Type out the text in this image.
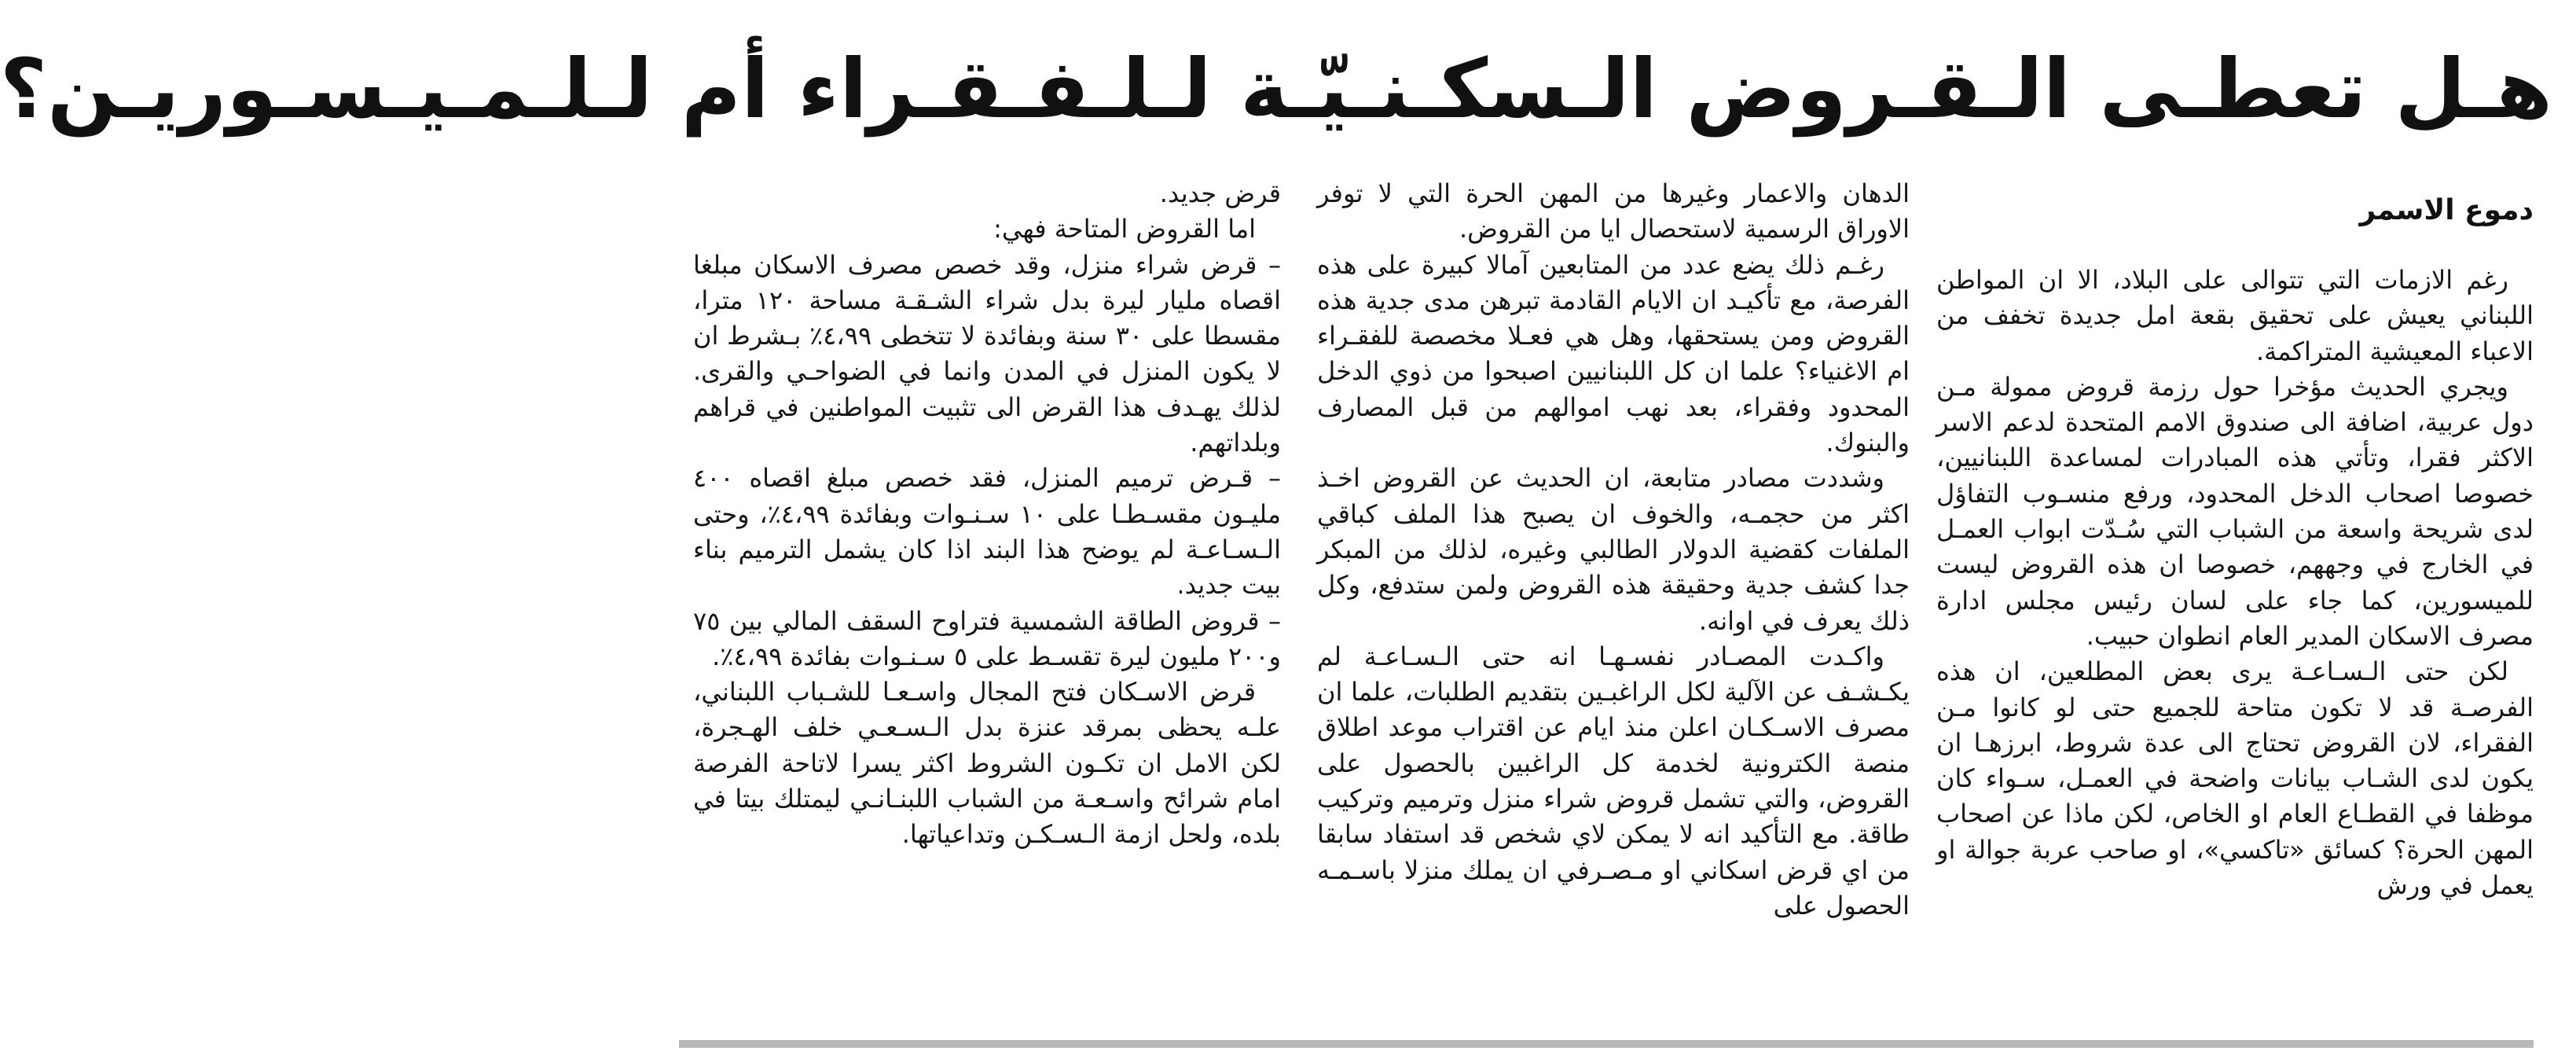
هـل تعطـى الـقـروض الـسكـنـيّـة لـلـفـقـراء أم لـلـمـيـسـوريـن؟
دموع الاسمر

رغم الازمات التي تتوالى على البلاد، الا ان المواطن اللبناني يعيش على تحقيق بقعة امل جديدة تخفف من الاعباء المعيشية المتراكمة.

ويجري الحديث مؤخرا حول رزمة قروض ممولة مـن دول عربية، اضافة الى صندوق الامم المتحدة لدعم الاسر الاكثر فقرا، وتأتي هذه المبادرات لمساعدة اللبنانيين، خصوصا اصحاب الدخل المحدود، ورفع منسـوب التفاؤل لدى شريحة واسعة من الشباب التي سُـدّت ابواب العمـل في الخارج في وجههم، خصوصا ان هذه القروض ليست للميسورين، كما جاء على لسان رئيس مجلس ادارة مصرف الاسكان المدير العام انطوان حبيب.

لكن حتى الـسـاعـة يرى بعض المطلعين، ان هذه الفرصـة قد لا تكون متاحة للجميع حتى لو كانوا مـن الفقراء، لان القروض تحتاج الى عدة شروط، ابرزهـا ان يكون لدى الشـاب بيانات واضحة في العمـل، سـواء كان موظفا في القطـاع العام او الخاص، لكن ماذا عن اصحاب المهن الحرة؟ كسائق «تاكسي»، او صاحب عربة جوالة او يعمل في ورش

الدهان والاعمار وغيرها من المهن الحرة التي لا توفر الاوراق الرسمية لاستحصال ايا من القروض.

رغـم ذلك يضع عدد من المتابعين آمالا كبيرة على هذه الفرصة، مع تأكيـد ان الايام القادمة تبرهن مدى جدية هذه القروض ومن يستحقها، وهل هي فعـلا مخصصة للفقـراء ام الاغنياء؟ علما ان كل اللبنانيين اصبحوا من ذوي الدخل المحدود وفقراء، بعد نهب اموالهم من قبل المصارف والبنوك.

وشددت مصادر متابعة، ان الحديث عن القروض اخـذ اكثر من حجمـه، والخوف ان يصبح هذا الملف كباقي الملفات كقضية الدولار الطالبي وغيره، لذلك من المبكر جدا كشف جدية وحقيقة هذه القروض ولمن ستدفع، وكل ذلك يعرف في اوانه.

واكـدت المصـادر نفسـهـا انه حتى الـسـاعـة لم يكـشـف عن الآلية لكل الراغبـين بتقديم الطلبات، علما ان مصرف الاسـكـان اعلن منذ ايام عن اقتراب موعد اطلاق منصة الكترونية لخدمة كل الراغبين بالحصول على القروض، والتي تشمل قروض شراء منزل وترميم وتركيب طاقة. مع التأكيد انه لا يمكن لاي شخص قد استفاد سابقا من اي قرض اسكاني او مـصـرفي ان يملك منزلا باسـمـه الحصول على

قرض جديد.

اما القروض المتاحة فهي:

– قرض شراء منزل، وقد خصص مصرف الاسكان مبلغا اقصاه مليار ليرة بدل شراء الشـقـة مساحة ١٢٠ مترا، مقسطا على ٣٠ سنة وبفائدة لا تتخطى ٤،٩٩٪ بـشرط ان لا يكون المنزل في المدن وانما في الضواحـي والقرى. لذلك يهـدف هذا القرض الى تثبيت المواطنين في قراهم وبلداتهم.

– قـرض ترميم المنزل، فقد خصص مبلغ اقصاه ٤٠٠ مليـون مقسـطـا على ١٠ سـنـوات وبفائدة ٤،٩٩٪، وحتى الـسـاعـة لم يوضح هذا البند اذا كان يشمل الترميم بناء بيت جديد.

– قروض الطاقة الشمسية فتراوح السقف المالي بين ٧٥ و٢٠٠ مليون ليرة تقسـط على ٥ سـنـوات بفائدة ٤،٩٩٪.

قرض الاسـكان فتح المجال واسـعـا للشـباب اللبناني، علـه يحظى بمرقد عنزة بدل الـسـعـي خلف الهـجرة، لكن الامل ان تكـون الشروط اكثر يسرا لاتاحة الفرصة امام شرائح واسـعـة من الشباب اللبنـانـي ليمتلك بيتا في بلده، ولحل ازمة الـسـكـن وتداعياتها.
